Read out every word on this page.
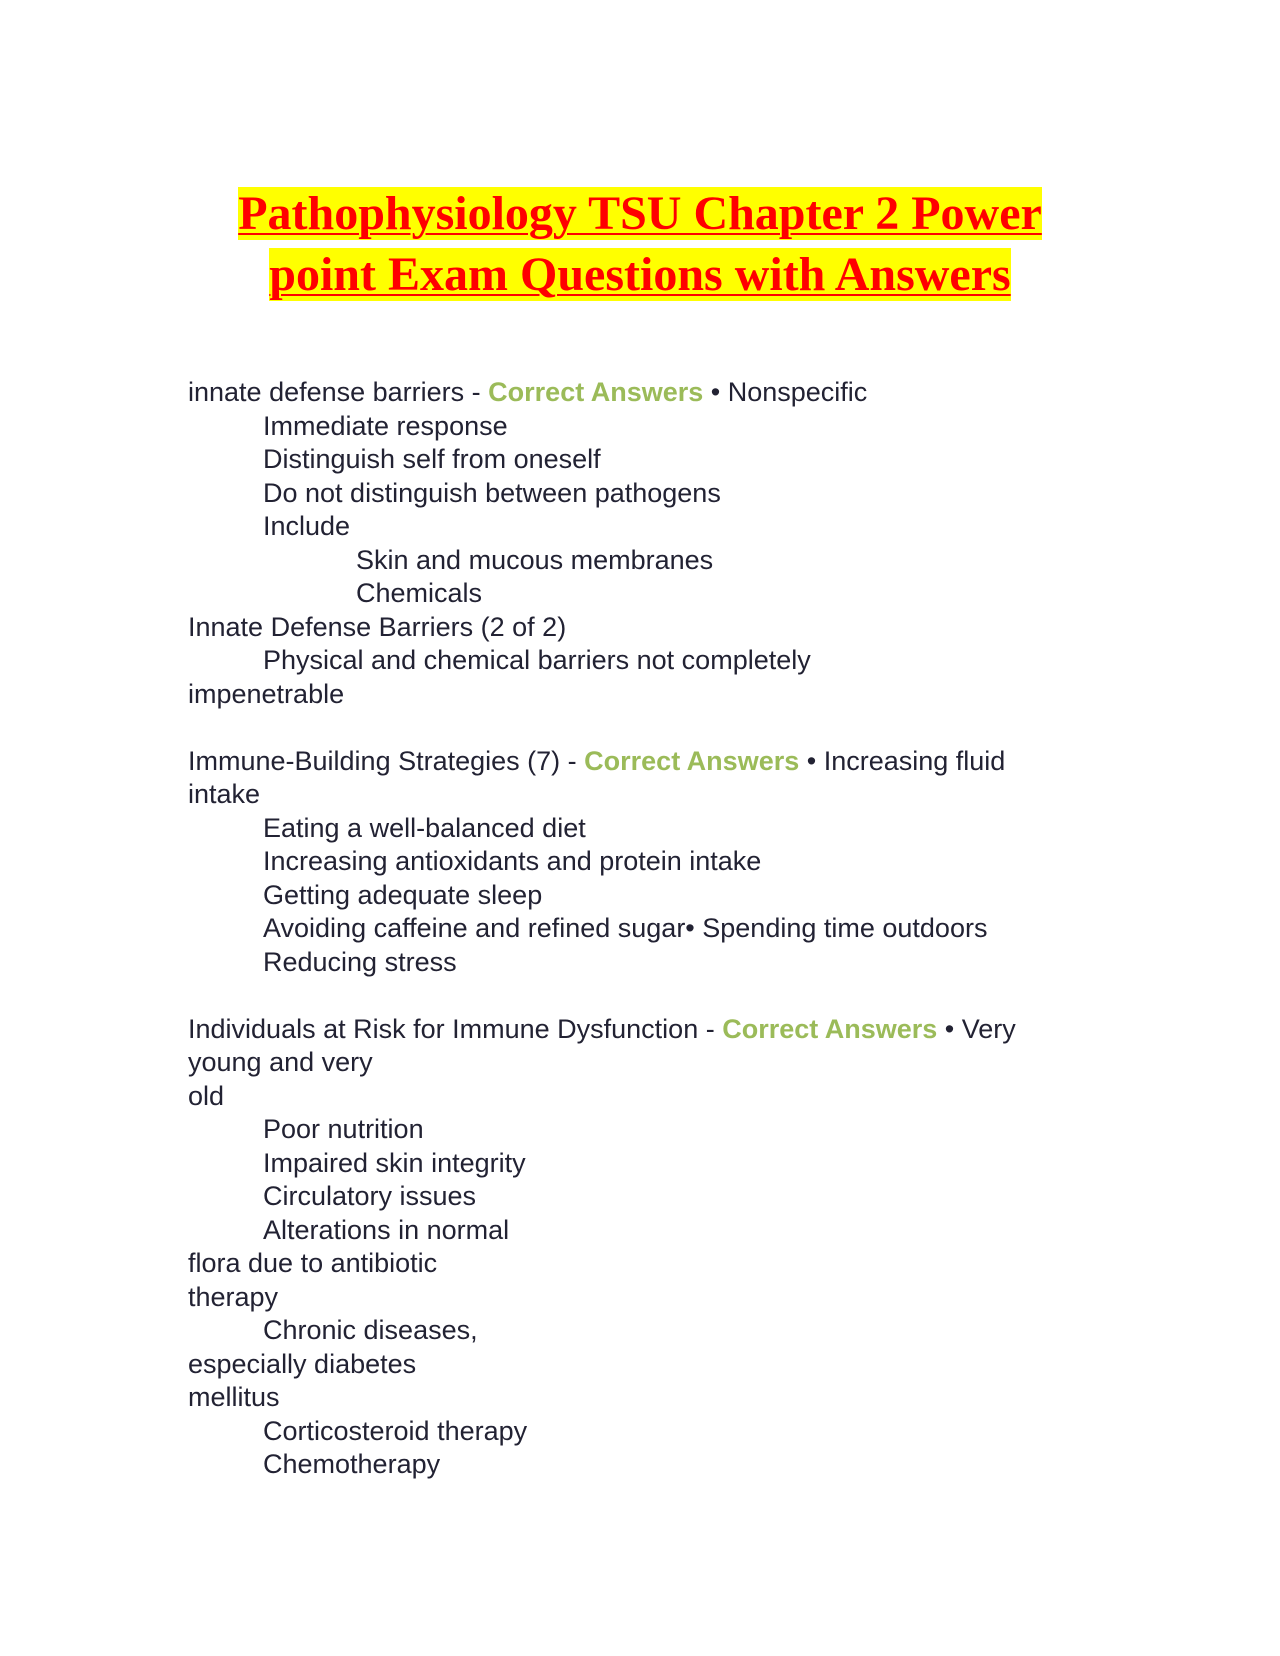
Pathophysiology TSU Chapter 2 Power
point Exam Questions with Answers
innate defense barriers - Correct Answers • Nonspecific
Immediate response
Distinguish self from oneself
Do not distinguish between pathogens
Include
Skin and mucous membranes
Chemicals
Innate Defense Barriers (2 of 2)
Physical and chemical barriers not completely
impenetrable
Immune-Building Strategies (7) - Correct Answers • Increasing fluid
intake
Eating a well-balanced diet
Increasing antioxidants and protein intake
Getting adequate sleep
Avoiding caffeine and refined sugar• Spending time outdoors
Reducing stress
Individuals at Risk for Immune Dysfunction - Correct Answers • Very
young and very
old
Poor nutrition
Impaired skin integrity
Circulatory issues
Alterations in normal
flora due to antibiotic
therapy
Chronic diseases,
especially diabetes
mellitus
Corticosteroid therapy
Chemotherapy
